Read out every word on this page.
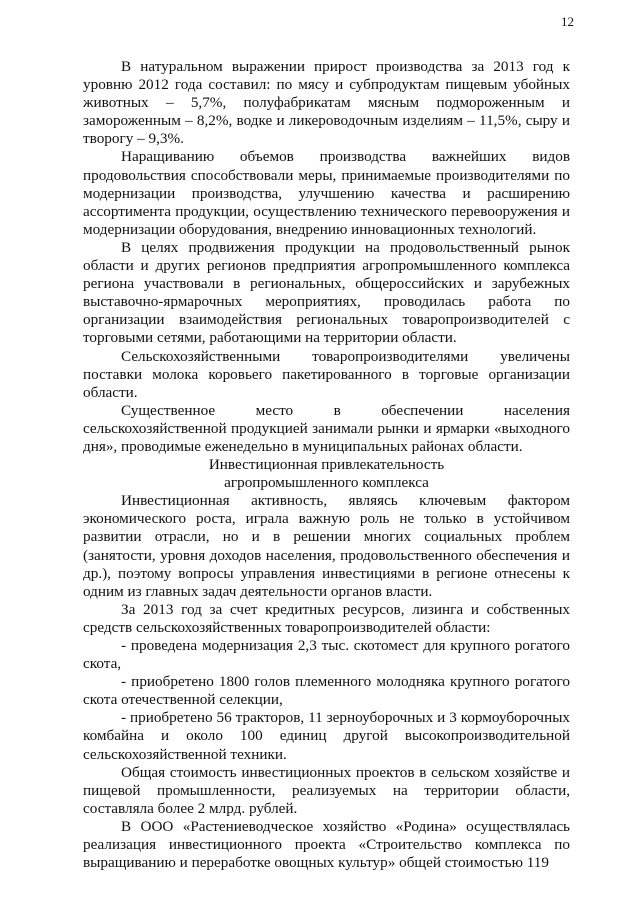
12

В натуральном выражении прирост производства за 2013 год к уровню 2012 года составил: по мясу и субпродуктам пищевым убойных животных – 5,7%, полуфабрикатам мясным подмороженным и замороженным – 8,2%, водке и ликероводочным изделиям – 11,5%, сыру и творогу – 9,3%.

Наращиванию объемов производства важнейших видов продовольствия способствовали меры, принимаемые производителями по модернизации производства, улучшению качества и расширению ассортимента продукции, осуществлению технического перевооружения и модернизации оборудования, внедрению инновационных технологий.

В целях продвижения продукции на продовольственный рынок области и других регионов предприятия агропромышленного комплекса региона участвовали в региональных, общероссийских и зарубежных выставочно-ярмарочных мероприятиях, проводилась работа по организации взаимодействия региональных товаропроизводителей с торговыми сетями, работающими на территории области.

Сельскохозяйственными товаропроизводителями увеличены поставки молока коровьего пакетированного в торговые организации области.

Существенное место в обеспечении населения сельскохозяйственной продукцией занимали рынки и ярмарки «выходного дня», проводимые еженедельно в муниципальных районах области.

Инвестиционная привлекательность

агропромышленного комплекса

Инвестиционная активность, являясь ключевым фактором экономического роста, играла важную роль не только в устойчивом развитии отрасли, но и в решении многих социальных проблем (занятости, уровня доходов населения, продовольственного обеспечения и др.), поэтому вопросы управления инвестициями в регионе отнесены к одним из главных задач деятельности органов власти.

За 2013 год за счет кредитных ресурсов, лизинга и собственных средств сельскохозяйственных товаропроизводителей области:

- проведена модернизация 2,3 тыс. скотомест для крупного рогатого скота,

- приобретено 1800 голов племенного молодняка крупного рогатого скота отечественной селекции,

- приобретено 56 тракторов, 11 зерноуборочных и 3 кормоуборочных комбайна и около 100 единиц другой высокопроизводительной сельскохозяйственной техники.

Общая стоимость инвестиционных проектов в сельском хозяйстве и пищевой промышленности, реализуемых на территории области, составляла более 2 млрд. рублей.

В ООО «Растениеводческое хозяйство «Родина» осуществлялась реализация инвестиционного проекта «Строительство комплекса по выращиванию и переработке овощных культур» общей стоимостью 119
